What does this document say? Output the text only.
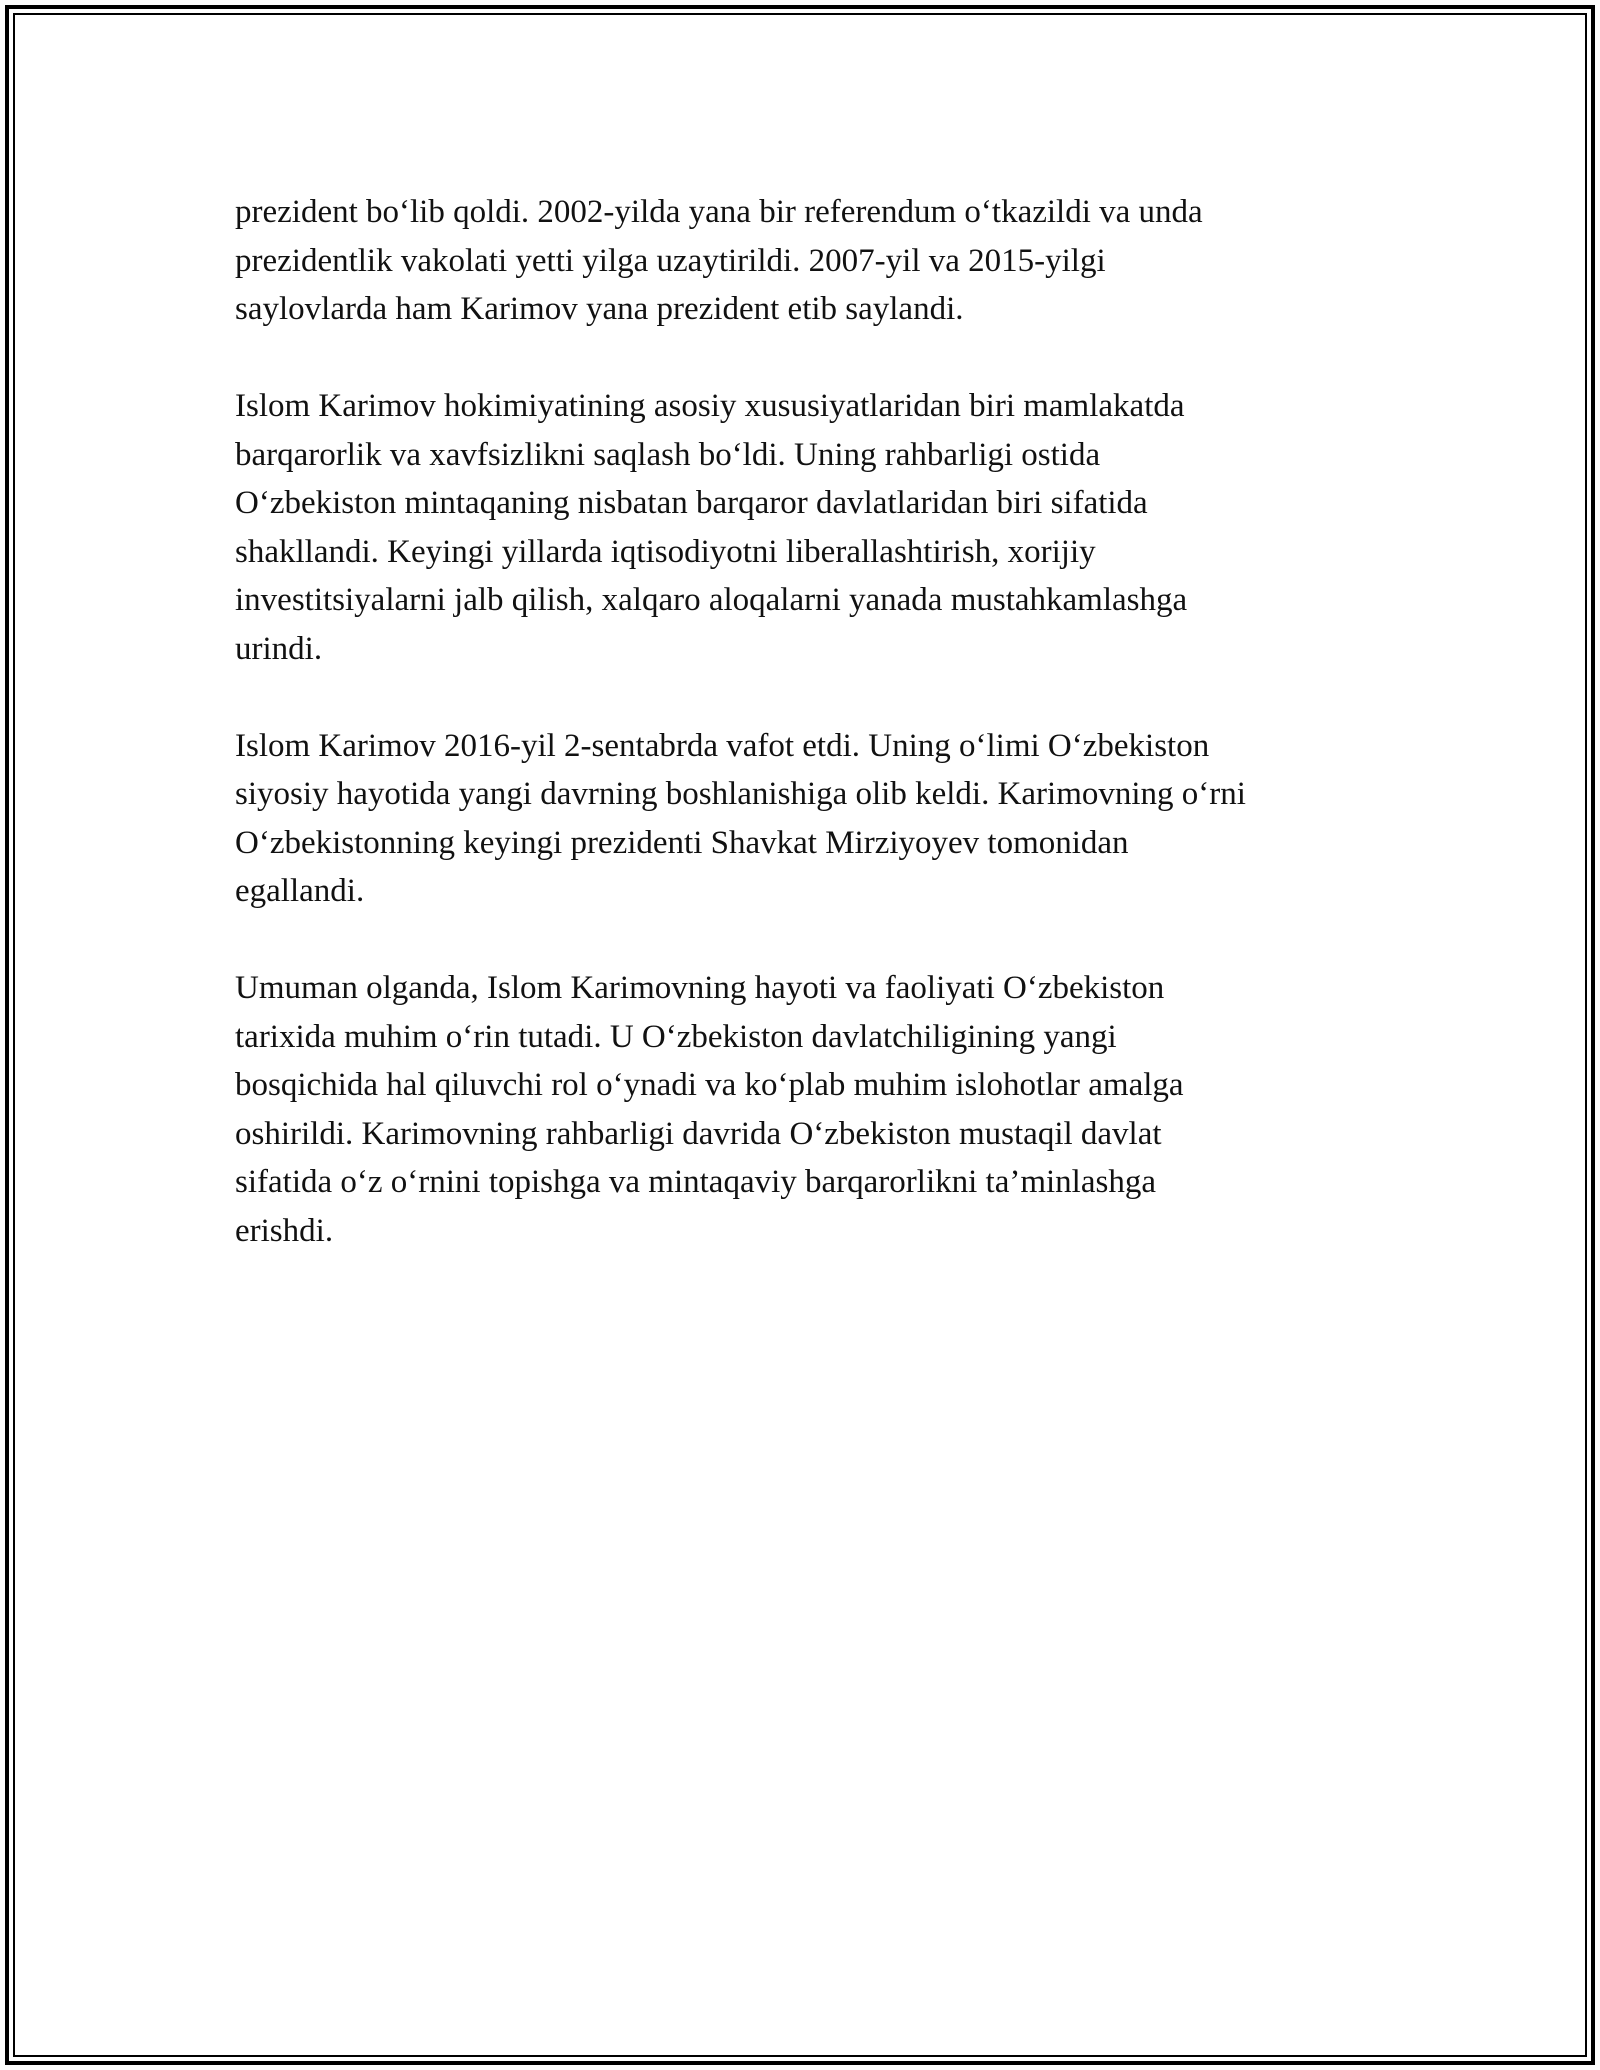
prezident bo‘lib qoldi. 2002-yilda yana bir referendum o‘tkazildi va unda
prezidentlik vakolati yetti yilga uzaytirildi. 2007-yil va 2015-yilgi
saylovlarda ham Karimov yana prezident etib saylandi.

Islom Karimov hokimiyatining asosiy xususiyatlaridan biri mamlakatda
barqarorlik va xavfsizlikni saqlash bo‘ldi. Uning rahbarligi ostida
O‘zbekiston mintaqaning nisbatan barqaror davlatlaridan biri sifatida
shakllandi. Keyingi yillarda iqtisodiyotni liberallashtirish, xorijiy
investitsiyalarni jalb qilish, xalqaro aloqalarni yanada mustahkamlashga
urindi.

Islom Karimov 2016-yil 2-sentabrda vafot etdi. Uning o‘limi O‘zbekiston
siyosiy hayotida yangi davrning boshlanishiga olib keldi. Karimovning o‘rni
O‘zbekistonning keyingi prezidenti Shavkat Mirziyoyev tomonidan
egallandi.

Umuman olganda, Islom Karimovning hayoti va faoliyati O‘zbekiston
tarixida muhim o‘rin tutadi. U O‘zbekiston davlatchiligining yangi
bosqichida hal qiluvchi rol o‘ynadi va ko‘plab muhim islohotlar amalga
oshirildi. Karimovning rahbarligi davrida O‘zbekiston mustaqil davlat
sifatida o‘z o‘rnini topishga va mintaqaviy barqarorlikni ta’minlashga
erishdi.
